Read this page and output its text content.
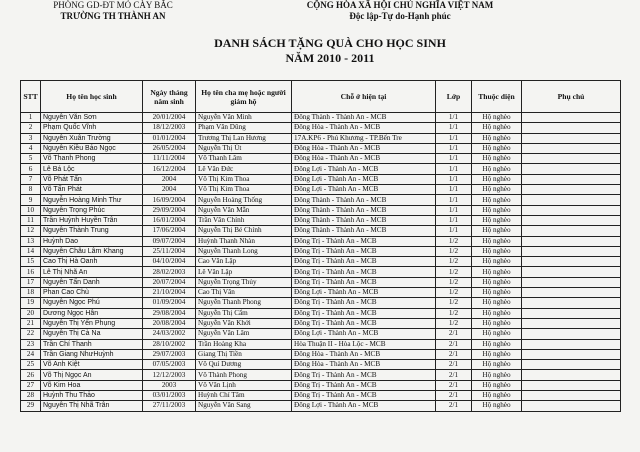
PHÒNG GD-ĐT MỎ CÀY BẮC
TRƯỜNG TH THÀNH AN
CỘNG HÒA XÃ HỘI CHỦ NGHĨA VIỆT NAM
Độc lập-Tự do-Hạnh phúc
DANH SÁCH TẶNG QUÀ CHO HỌC SINH
NĂM 2010 - 2011
STT	Họ tên học sinh	Ngày tháng năm sinh	Họ tên cha mẹ hoặc người giám hộ	Chỗ ở hiện tại	Lớp	Thuộc diện	Phụ chú
1	Nguyễn Văn Sơn	20/01/2004	Nguyễn Văn Minh	Đông Thành - Thành An - MCB	1/1	Hộ nghèo	
2	Phạm Quốc Vĩnh	18/12/2003	Phạm Văn Dũng	Đông Hòa - Thành An - MCB	1/1	Hộ nghèo	
3	Nguyễn Xuân Trường	01/01/2004	Trương Thị Lan Hương	17A.KP6 - Phú Khương - TP.Bến Tre	1/1	Hộ nghèo	
4	Nguyễn Kiều Bảo Ngọc	26/05/2004	Nguyễn Thị Út	Đông Hòa - Thành An - MCB	1/1	Hộ nghèo	
5	Võ Thanh Phong	11/11/2004	Võ Thanh Lâm	Đông Hòa - Thành An - MCB	1/1	Hộ nghèo	
6	Lê Bá Lộc	16/12/2004	Lê Văn Đức	Đông Lợi - Thành An - MCB	1/1	Hộ nghèo	
7	Võ Phát Tấn	2004	Võ Thị Kim Thoa	Đông Lợi - Thành An - MCB	1/1	Hộ nghèo	
8	Võ Tấn Phát	2004	Võ Thị Kim Thoa	Đông Lợi - Thành An - MCB	1/1	Hộ nghèo	
9	Nguyễn Hoàng Minh Thư	16/09/2004	Nguyễn Hoàng Thống	Đông Thành - Thành An - MCB	1/1	Hộ nghèo	
10	Nguyễn Trọng Phúc	29/09/2004	Nguyễn Văn Mẫn	Đông Thành - Thành An - MCB	1/1	Hộ nghèo	
11	Trần Huỳnh Huyền Trân	16/01/2004	Trần Văn Chính	Đông Thành - Thành An - MCB	1/1	Hộ nghèo	
12	Nguyễn Thành Trung	17/06/2004	Nguyễn Thị Bé Chính	Đông Thành - Thành An - MCB	1/1	Hộ nghèo	
13	Huỳnh Dao	09/07/2004	Huỳnh Thanh Nhàn	Đông Trị - Thành An - MCB	1/2	Hộ nghèo	
14	Nguyễn Châu Lâm Khang	25/11/2004	Nguyễn Thanh Long	Đông Trị - Thành An - MCB	1/2	Hộ nghèo	
15	Cao Thị Hà Oanh	04/10/2004	Cao Văn Lập	Đông Trị - Thành An - MCB	1/2	Hộ nghèo	
16	Lê Thị Nhã An	28/02/2003	Lê Văn Lập	Đông Trị - Thành An - MCB	1/2	Hộ nghèo	
17	Nguyễn Tấn Danh	20/07/2004	Nguyễn Trọng Thủy	Đông Trị - Thành An - MCB	1/2	Hộ nghèo	
18	Phan Cao Chù	21/10/2004	Cao Thị Văn	Đông Lợi - Thành An - MCB	1/2	Hộ nghèo	
19	Nguyễn Ngọc Phú	01/09/2004	Nguyễn Thanh Phong	Đông Trị - Thành An - MCB	1/2	Hộ nghèo	
20	Dương Ngọc Hân	29/08/2004	Nguyễn Thị Cẩm	Đông Trị - Thành An - MCB	1/2	Hộ nghèo	
21	Nguyễn Thị Yến Phụng	20/08/2004	Nguyễn Văn Khởi	Đông Trị - Thành An - MCB	1/2	Hộ nghèo	
22	Nguyễn Thị Cà Na	24/03/2002	Nguyễn Văn Lâm	Đông Lợi - Thành An - MCB	2/1	Hộ nghèo	
23	Trần Chí Thanh	28/10/2002	Trần Hoàng Kha	Hòa Thuận II - Hòa Lộc - MCB	2/1	Hộ nghèo	
24	Trần Giang NhưHuỳnh	29/07/2003	Giang Thị Tiền	Đông Hòa - Thành An - MCB	2/1	Hộ nghèo	
25	Võ Anh Kiệt	07/05/2003	Võ Quí Dương	Đông Hòa - Thành An - MCB	2/1	Hộ nghèo	
26	Võ Thị Ngọc An	12/12/2003	Võ Thành Phong	Đông Trị - Thành An - MCB	2/1	Hộ nghèo	
27	Võ Kim Hoa	2003	Võ Văn Lịnh	Đông Trị - Thành An - MCB	2/1	Hộ nghèo	
28	Huỳnh Thu Thảo	03/01/2003	Huỳnh Chí Tâm	Đông Trị - Thành An - MCB	2/1	Hộ nghèo	
29	Nguyễn Thị Nhã Trân	27/11/2003	Nguyễn Văn Sang	Đông Lợi - Thành An - MCB	2/1	Hộ nghèo	
